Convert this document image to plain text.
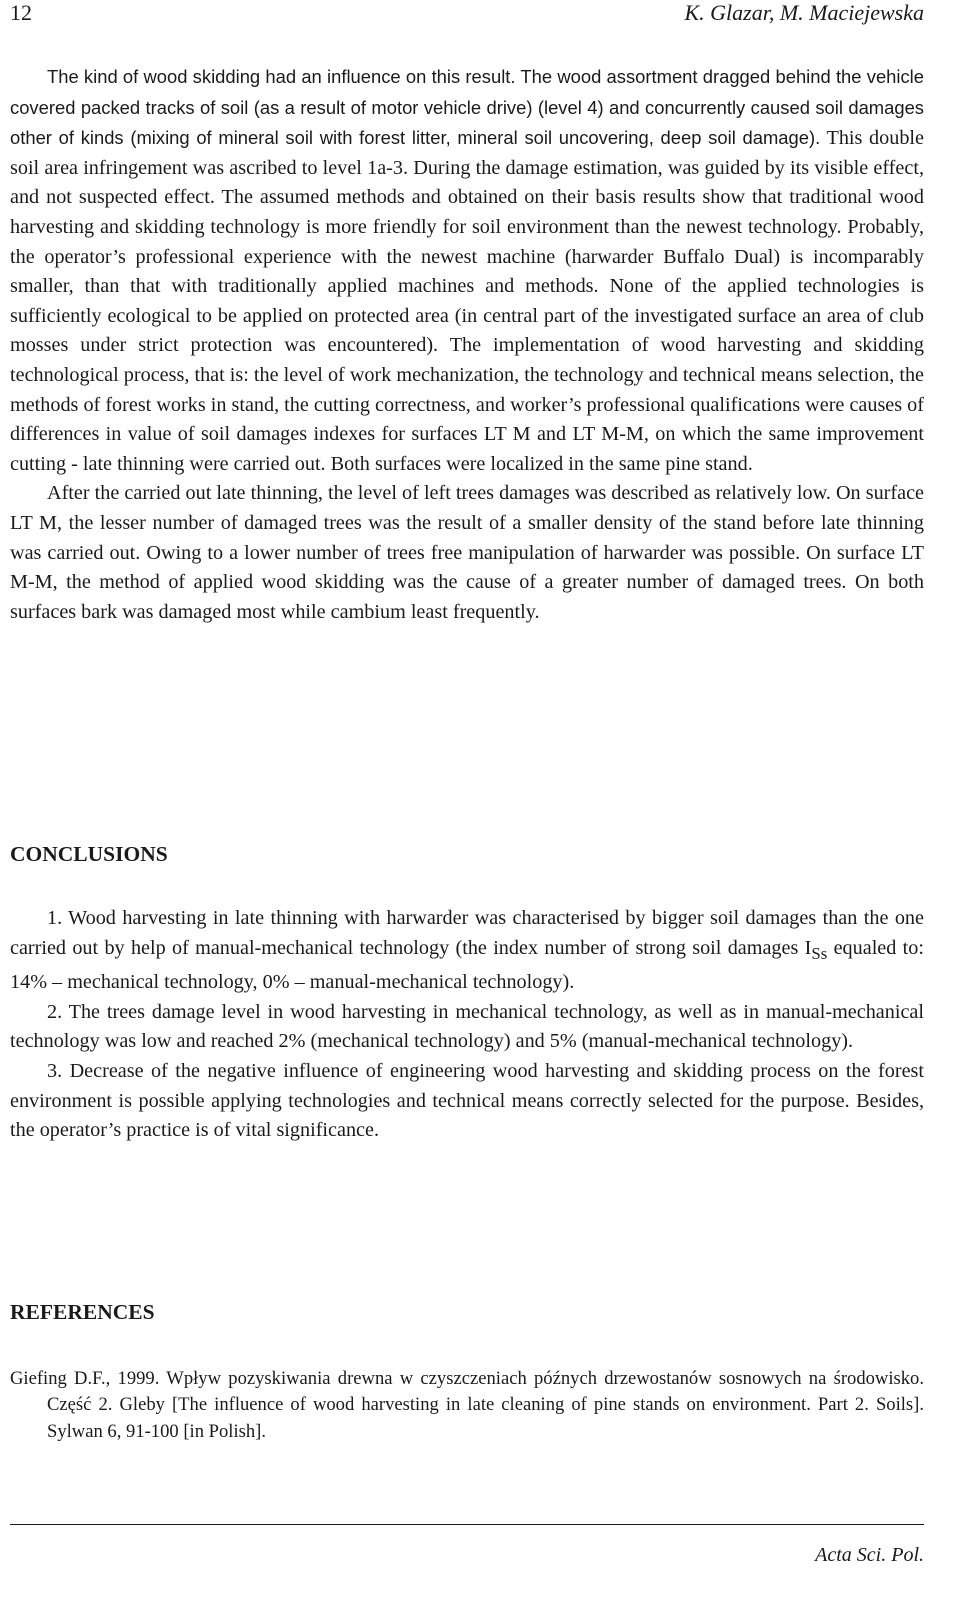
12	K. Glazar, M. Maciejewska

The kind of wood skidding had an influence on this result. The wood assortment dragged behind the vehicle covered packed tracks of soil (as a result of motor vehicle drive) (level 4) and concurrently caused soil damages other of kinds (mixing of mineral soil with forest litter, mineral soil uncovering, deep soil damage). This double soil area infringement was ascribed to level 1a-3. During the damage estimation, was guided by its visible effect, and not suspected effect. The assumed methods and obtained on their basis results show that traditional wood harvesting and skidding technology is more friendly for soil environment than the newest technology. Probably, the operator’s professional experience with the newest machine (harwarder Buffalo Dual) is incomparably smaller, than that with traditionally applied machines and methods. None of the applied technologies is sufficiently ecological to be applied on protected area (in central part of the investigated surface an area of club mosses under strict protection was encountered). The implementation of wood harvesting and skidding technological process, that is: the level of work mechanization, the technology and technical means selection, the methods of forest works in stand, the cutting correctness, and worker’s professional qualifications were causes of differences in value of soil damages indexes for surfaces LT M and LT M-M, on which the same improvement cutting - late thinning were carried out. Both surfaces were localized in the same pine stand.

After the carried out late thinning, the level of left trees damages was described as relatively low. On surface LT M, the lesser number of damaged trees was the result of a smaller density of the stand before late thinning was carried out. Owing to a lower number of trees free manipulation of harwarder was possible. On surface LT M-M, the method of applied wood skidding was the cause of a greater number of damaged trees. On both surfaces bark was damaged most while cambium least frequently.

CONCLUSIONS

1. Wood harvesting in late thinning with harwarder was characterised by bigger soil damages than the one carried out by help of manual-mechanical technology (the index number of strong soil damages $I_{Ss}$ equaled to: 14% – mechanical technology, 0% – manual-mechanical technology).

2. The trees damage level in wood harvesting in mechanical technology, as well as in manual-mechanical technology was low and reached 2% (mechanical technology) and 5% (manual-mechanical technology).

3. Decrease of the negative influence of engineering wood harvesting and skidding process on the forest environment is possible applying technologies and technical means correctly selected for the purpose. Besides, the operator’s practice is of vital significance.

REFERENCES

Giefing D.F., 1999. Wpływ pozyskiwania drewna w czyszczeniach późnych drzewostanów sosnowych na środowisko. Część 2. Gleby [The influence of wood harvesting in late cleaning of pine stands on environment. Part 2. Soils]. Sylwan 6, 91-100 [in Polish].

Acta Sci. Pol.
